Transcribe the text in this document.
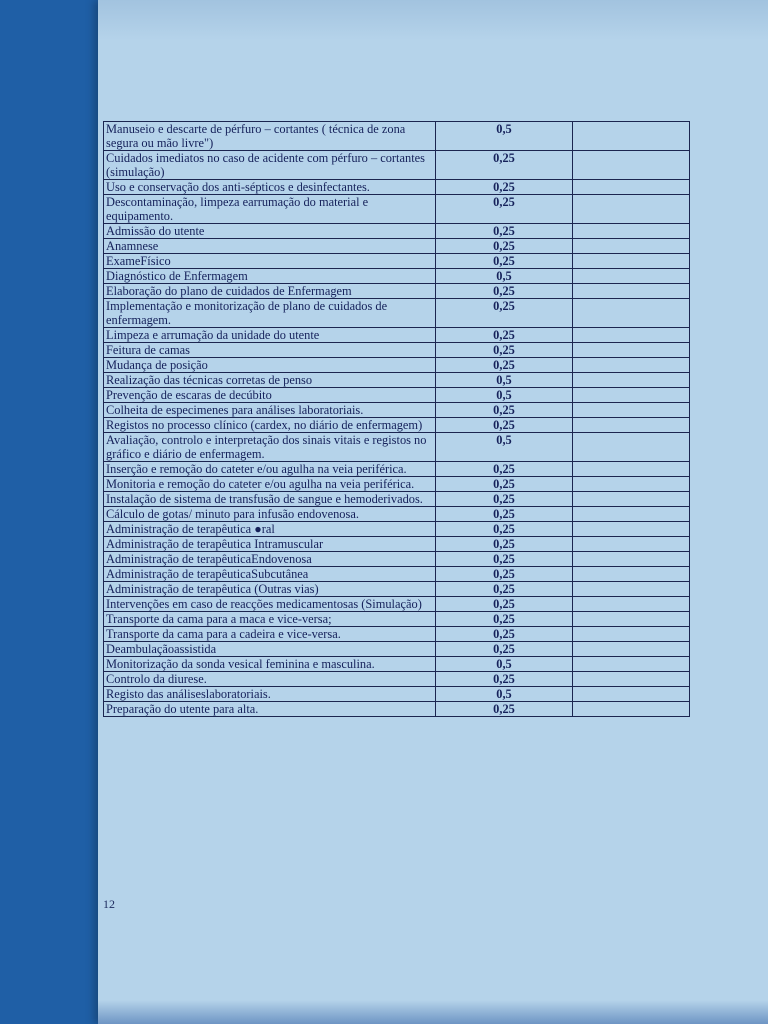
Manuseio e descarte de pérfuro – cortantes ( técnica de zona segura ou mão livre")	0,5	
Cuidados imediatos no caso de acidente com pérfuro – cortantes (simulação)	0,25	
Uso e conservação dos anti-sépticos e desinfectantes.	0,25	
Descontaminação, limpeza earrumação do material e equipamento.	0,25	
Admissão do utente	0,25	
Anamnese	0,25	
ExameFísico	0,25	
Diagnóstico de Enfermagem	0,5	
Elaboração do plano de cuidados de Enfermagem	0,25	
Implementação e monitorização de plano de cuidados de enfermagem.	0,25	
Limpeza e arrumação da unidade do utente	0,25	
Feitura de camas	0,25	
Mudança de posição	0,25	
Realização das técnicas corretas de penso	0,5	
Prevenção de escaras de decúbito	0,5	
Colheita de especimenes para análises laboratoriais.	0,25	
Registos no processo clínico (cardex, no diário de enfermagem)	0,25	
Avaliação, controlo e interpretação dos sinais vitais e registos no gráfico e diário de enfermagem.	0,5	
Inserção e remoção do cateter e/ou agulha na veia periférica.	0,25	
Monitoria e remoção do cateter e/ou agulha na veia periférica.	0,25	
Instalação de sistema de transfusão de sangue e hemoderivados.	0,25	
Cálculo de gotas/ minuto para infusão endovenosa.	0,25	
Administração de terapêutica ●ral	0,25	
Administração de terapêutica Intramuscular	0,25	
Administração de terapêuticaEndovenosa	0,25	
Administração de terapêuticaSubcutânea	0,25	
Administração de terapêutica (Outras vias)	0,25	
Intervenções em caso de reacções medicamentosas (Simulação)	0,25	
Transporte da cama para a maca e vice-versa;	0,25	
Transporte da cama para a cadeira e vice-versa.	0,25	
Deambulaçãoassistida	0,25	
Monitorização da sonda vesical feminina e masculina.	0,5	
Controlo da diurese.	0,25	
Registo das análiseslaboratoriais.	0,5	
Preparação do utente para alta.	0,25	
12
